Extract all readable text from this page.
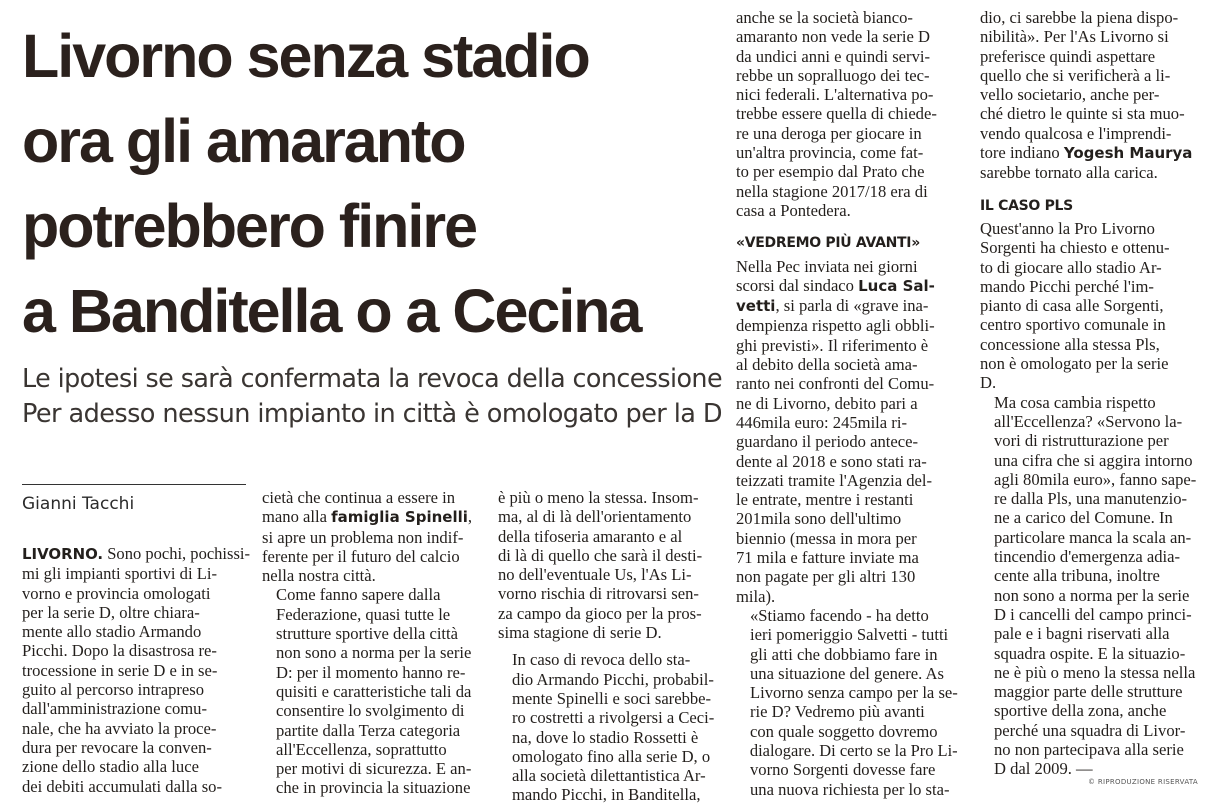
Livorno senza stadio
ora gli amaranto
potrebbero finire
a Banditella o a Cecina
Le ipotesi se sarà confermata la revoca della concessione
Per adesso nessun impianto in città è omologato per la D
Gianni Tacchi

LIVORNO. Sono pochi, pochissi-
mi gli impianti sportivi di Li-
vorno e provincia omologati
per la serie D, oltre chiara-
mente allo stadio Armando
Picchi. Dopo la disastrosa re-
trocessione in serie D e in se-
guito al percorso intrapreso
dall'amministrazione comu-
nale, che ha avviato la proce-
dura per revocare la conven-
zione dello stadio alla luce
dei debiti accumulati dalla so-

cietà che continua a essere in
mano alla famiglia Spinelli,
si apre un problema non indif-
ferente per il futuro del calcio
nella nostra città.

Come fanno sapere dalla
Federazione, quasi tutte le
strutture sportive della città
non sono a norma per la serie
D: per il momento hanno re-
quisiti e caratteristiche tali da
consentire lo svolgimento di
partite dalla Terza categoria
all'Eccellenza, soprattutto
per motivi di sicurezza. E an-
che in provincia la situazione

è più o meno la stessa. Insom-
ma, al di là dell'orientamento
della tifoseria amaranto e al
di là di quello che sarà il desti-
no dell'eventuale Us, l'As Li-
vorno rischia di ritrovarsi sen-
za campo da gioco per la pros-
sima stagione di serie D.

In caso di revoca dello sta-
dio Armando Picchi, probabil-
mente Spinelli e soci sarebbe-
ro costretti a rivolgersi a Ceci-
na, dove lo stadio Rossetti è
omologato fino alla serie D, o
alla società dilettantistica Ar-
mando Picchi, in Banditella,

anche se la società bianco-
amaranto non vede la serie D
da undici anni e quindi servi-
rebbe un sopralluogo dei tec-
nici federali. L'alternativa po-
trebbe essere quella di chiede-
re una deroga per giocare in
un'altra provincia, come fat-
to per esempio dal Prato che
nella stagione 2017/18 era di
casa a Pontedera.

«VEDREMO PIÙ AVANTI»

Nella Pec inviata nei giorni
scorsi dal sindaco Luca Sal-
vetti, si parla di «grave ina-
dempienza rispetto agli obbli-
ghi previsti». Il riferimento è
al debito della società ama-
ranto nei confronti del Comu-
ne di Livorno, debito pari a
446mila euro: 245mila ri-
guardano il periodo antece-
dente al 2018 e sono stati ra-
teizzati tramite l'Agenzia del-
le entrate, mentre i restanti
201mila sono dell'ultimo
biennio (messa in mora per
71 mila e fatture inviate ma
non pagate per gli altri 130
mila).

«Stiamo facendo - ha detto
ieri pomeriggio Salvetti - tutti
gli atti che dobbiamo fare in
una situazione del genere. As
Livorno senza campo per la se-
rie D? Vedremo più avanti
con quale soggetto dovremo
dialogare. Di certo se la Pro Li-
vorno Sorgenti dovesse fare
una nuova richiesta per lo sta-

dio, ci sarebbe la piena dispo-
nibilità». Per l'As Livorno si
preferisce quindi aspettare
quello che si verificherà a li-
vello societario, anche per-
ché dietro le quinte si sta muo-
vendo qualcosa e l'imprendi-
tore indiano Yogesh Maurya
sarebbe tornato alla carica.

IL CASO PLS

Quest'anno la Pro Livorno
Sorgenti ha chiesto e ottenu-
to di giocare allo stadio Ar-
mando Picchi perché l'im-
pianto di casa alle Sorgenti,
centro sportivo comunale in
concessione alla stessa Pls,
non è omologato per la serie
D.

Ma cosa cambia rispetto
all'Eccellenza? «Servono la-
vori di ristrutturazione per
una cifra che si aggira intorno
agli 80mila euro», fanno sape-
re dalla Pls, una manutenzio-
ne a carico del Comune. In
particolare manca la scala an-
tincendio d'emergenza adia-
cente alla tribuna, inoltre
non sono a norma per la serie
D i cancelli del campo princi-
pale e i bagni riservati alla
squadra ospite. E la situazio-
ne è più o meno la stessa nella
maggior parte delle strutture
sportive della zona, anche
perché una squadra di Livor-
no non partecipava alla serie
D dal 2009. —

© RIPRODUZIONE RISERVATA
